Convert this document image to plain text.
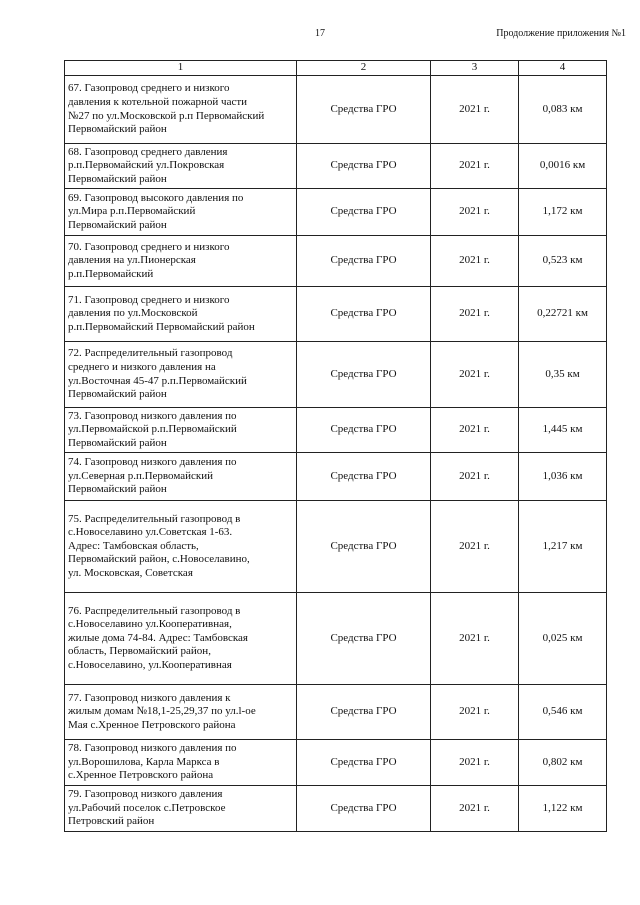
17	Продолжение приложения №1
1	2	3	4
67. Газопровод среднего и низкого
давления к котельной пожарной части
№27 по ул.Московской р.п Первомайский
Первомайский район	Средства ГРО	2021 г.	0,083 км
68. Газопровод среднего давления
р.п.Первомайский ул.Покровская
Первомайский район	Средства ГРО	2021 г.	0,0016 км
69. Газопровод высокого давления по
ул.Мира р.п.Первомайский
Первомайский район	Средства ГРО	2021 г.	1,172 км
70. Газопровод среднего и низкого
давления на ул.Пионерская
р.п.Первомайский	Средства ГРО	2021 г.	0,523 км
71. Газопровод среднего и низкого
давления по ул.Московской
р.п.Первомайский Первомайский район	Средства ГРО	2021 г.	0,22721 км
72. Распределительный газопровод
среднего и низкого давления на
ул.Восточная 45-47 р.п.Первомайский
Первомайский район	Средства ГРО	2021 г.	0,35 км
73. Газопровод низкого давления по
ул.Первомайской р.п.Первомайский
Первомайский район	Средства ГРО	2021 г.	1,445 км
74. Газопровод низкого давления по
ул.Северная р.п.Первомайский
Первомайский район	Средства ГРО	2021 г.	1,036 км
75. Распределительный газопровод в
с.Новоселавино ул.Советская 1-63.
Адрес: Тамбовская область,
Первомайский район, с.Новоселавино,
ул. Московская, Советская	Средства ГРО	2021 г.	1,217 км
76. Распределительный газопровод в
с.Новоселавино ул.Кооперативная,
жилые дома 74-84. Адрес: Тамбовская
область, Первомайский район,
с.Новоселавино, ул.Кооперативная	Средства ГРО	2021 г.	0,025 км
77. Газопровод низкого давления к
жилым домам №18,1-25,29,37 по ул.l-ое
Мая с.Хренное Петровского района	Средства ГРО	2021 г.	0,546 км
78. Газопровод низкого давления по
ул.Ворошилова, Карла Маркса в
с.Хренное Петровского района	Средства ГРО	2021 г.	0,802 км
79. Газопровод низкого давления
ул.Рабочий поселок с.Петровское
Петровский район	Средства ГРО	2021 г.	1,122 км
